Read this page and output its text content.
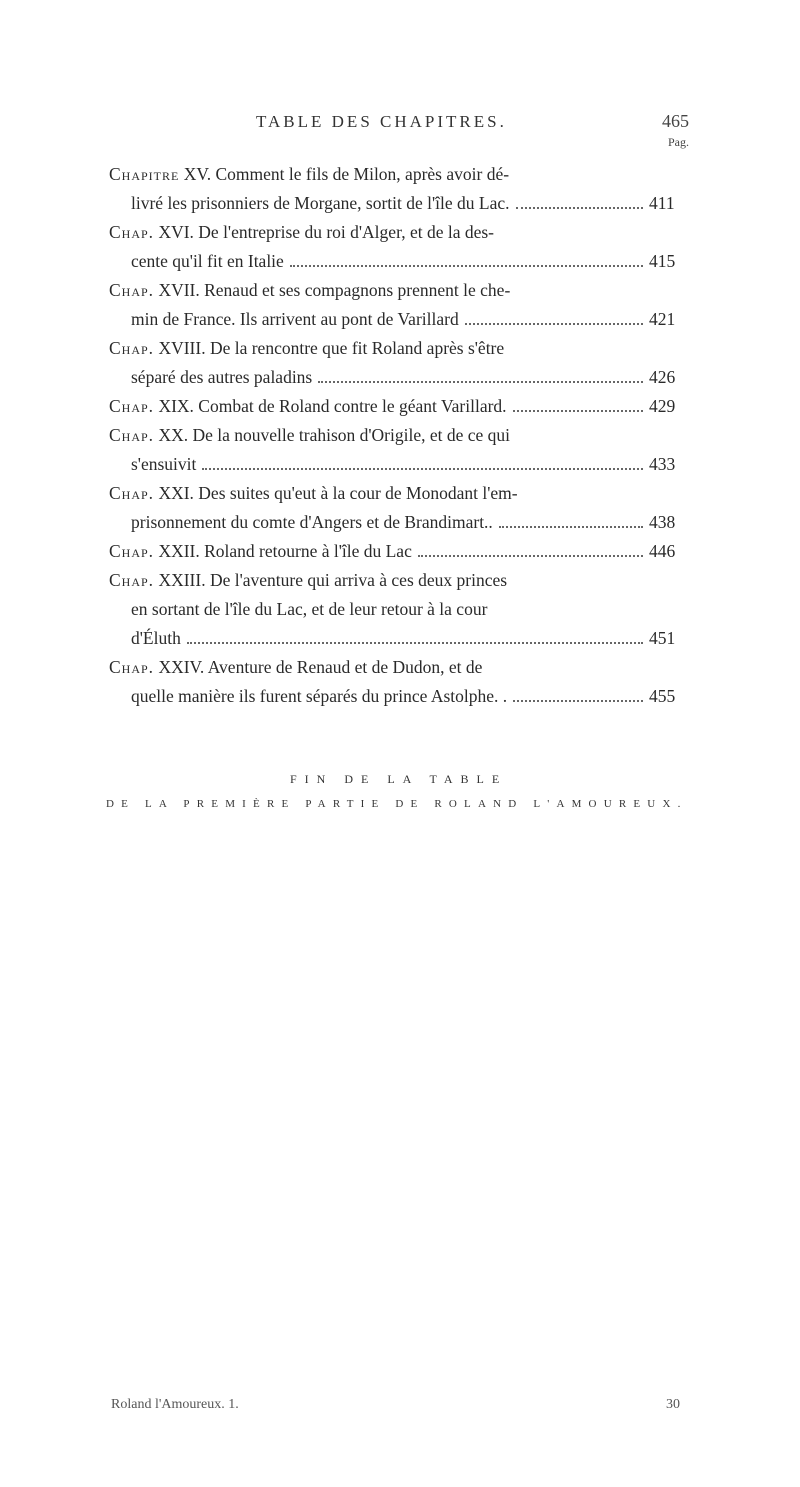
TABLE DES CHAPITRES.	465
Pag.
Chapitre XV. Comment le fils de Milon, après avoir dé-
livré les prisonniers de Morgane, sortit de l'île du Lac.	411
Chap. XVI. De l'entreprise du roi d'Alger, et de la des-
cente qu'il fit en Italie	415
Chap. XVII. Renaud et ses compagnons prennent le che-
min de France. Ils arrivent au pont de Varillard	421
Chap. XVIII. De la rencontre que fit Roland après s'être
séparé des autres paladins	426
Chap. XIX. Combat de Roland contre le géant Varillard.	429
Chap. XX. De la nouvelle trahison d'Origile, et de ce qui
s'ensuivit	433
Chap. XXI. Des suites qu'eut à la cour de Monodant l'em-
prisonnement du comte d'Angers et de Brandimart..	438
Chap. XXII. Roland retourne à l'île du Lac	446
Chap. XXIII. De l'aventure qui arriva à ces deux princes
en sortant de l'île du Lac, et de leur retour à la cour
d'Éluth	451
Chap. XXIV. Aventure de Renaud et de Dudon, et de
quelle manière ils furent séparés du prince Astolphe. .	455
FIN DE LA TABLE
DE LA PREMIÈRE PARTIE DE ROLAND L'AMOUREUX.
Roland l'Amoureux. 1.	30
